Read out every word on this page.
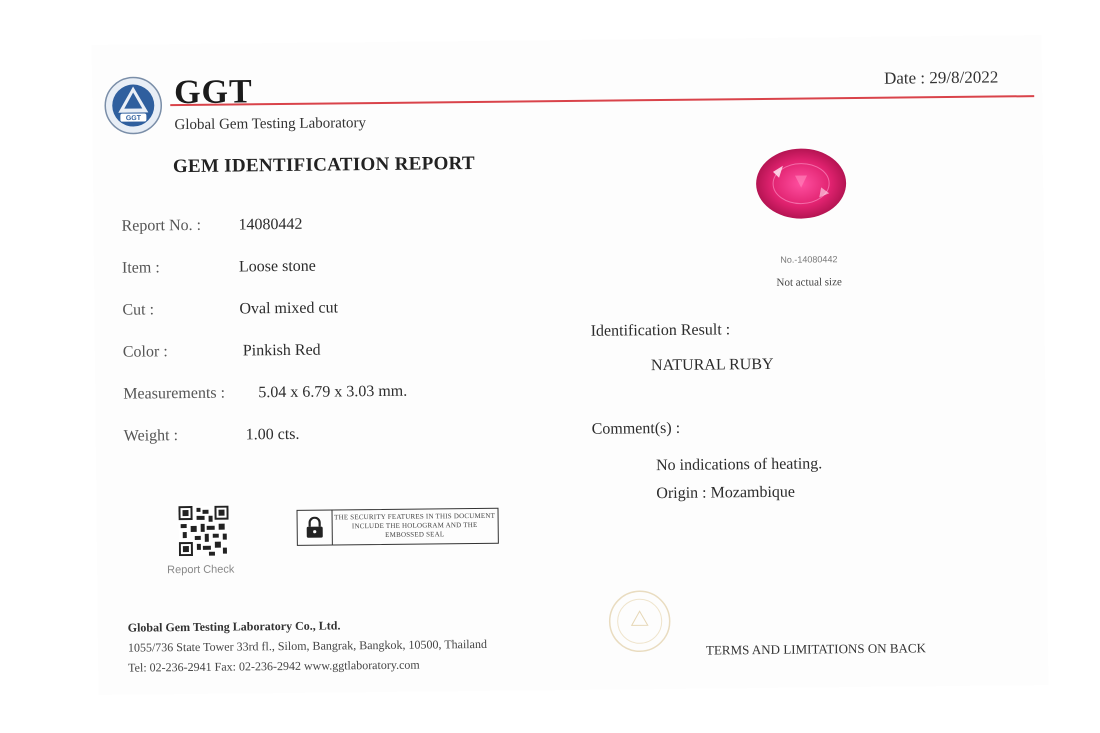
GGT
GGT
Global Gem Testing Laboratory
Date : 29/8/2022
GEM IDENTIFICATION REPORT
Report No. : 14080442
Item :	Loose stone
Cut :	Oval mixed cut
Color :	Pinkish Red
Measurements : 5.04 x 6.79 x 3.03 mm.
Weight :	1.00 cts.
No.-14080442
Not actual size
Identification Result :
NATURAL RUBY
Comment(s) :
No indications of heating.
Origin : Mozambique
Report Check
THE SECURITY FEATURES IN THIS DOCUMENT INCLUDE THE HOLOGRAM AND THE EMBOSSED SEAL
Global Gem Testing Laboratory Co., Ltd.
1055/736 State Tower 33rd fl., Silom, Bangrak, Bangkok, 10500, Thailand
Tel: 02-236-2941 Fax: 02-236-2942 www.ggtlaboratory.com
TERMS AND LIMITATIONS ON BACK
